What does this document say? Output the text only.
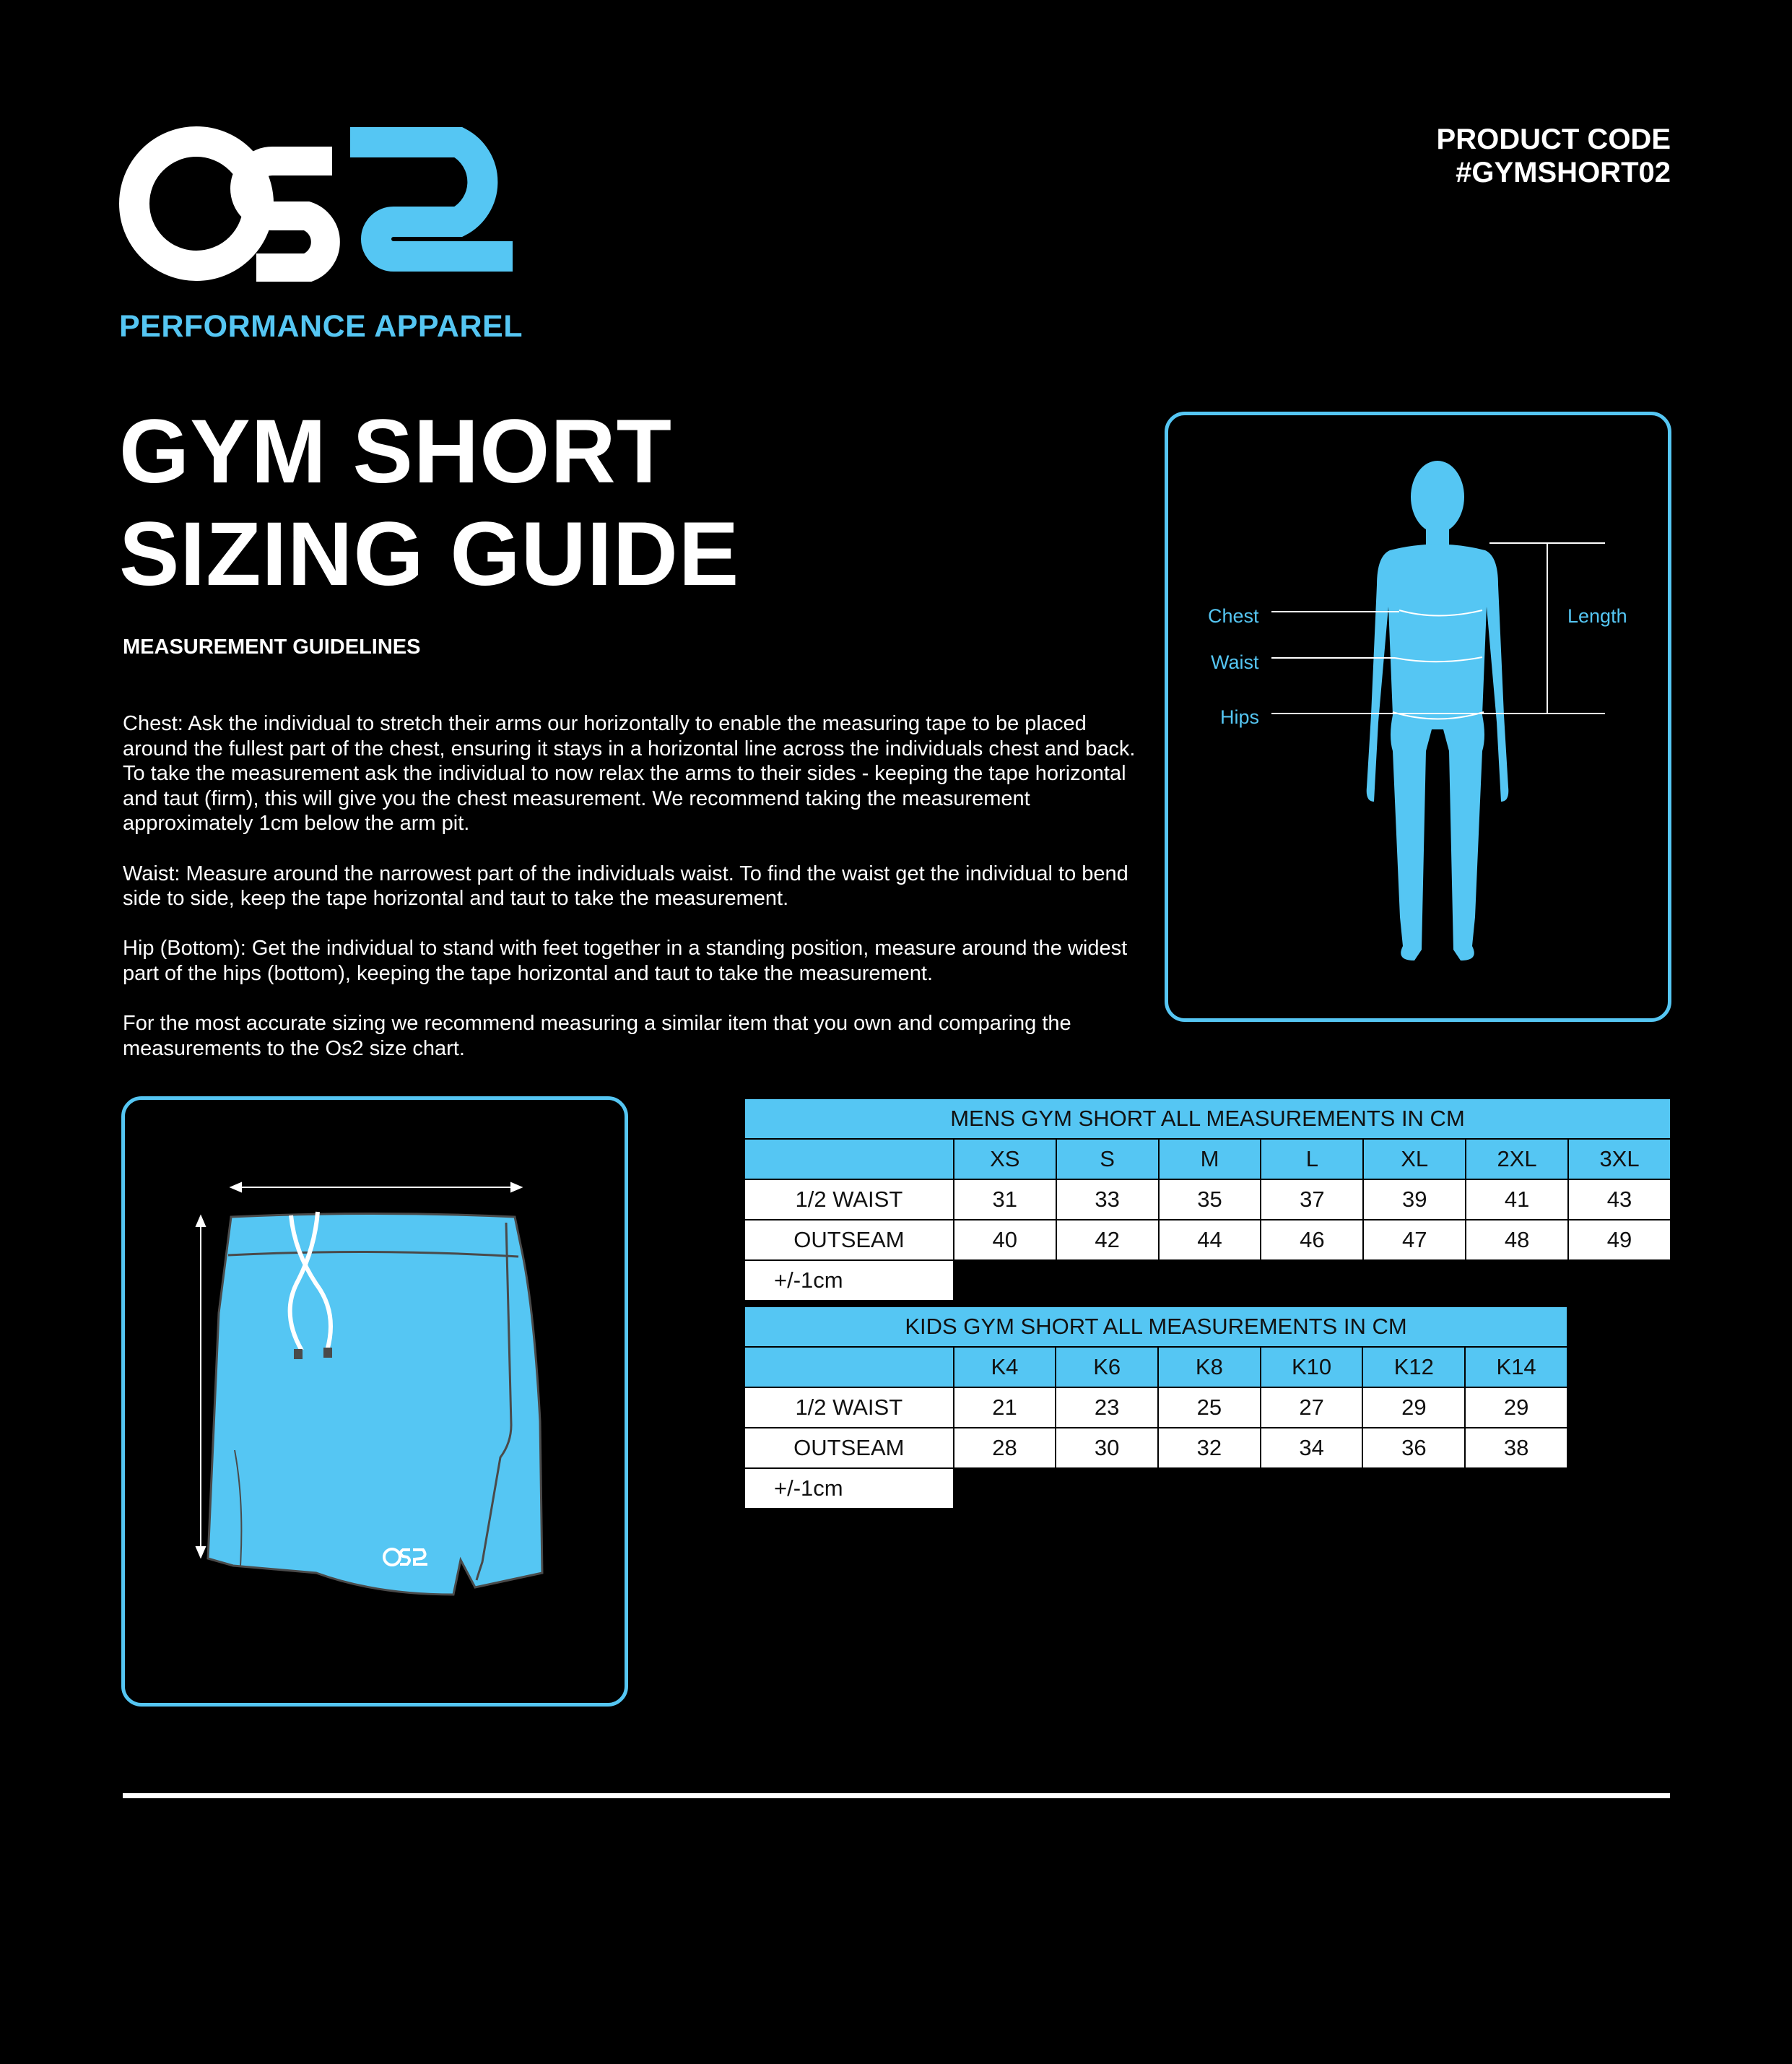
PERFORMANCE APPAREL
PRODUCT CODE
#GYMSHORT02
GYM SHORT
SIZING GUIDE
MEASUREMENT GUIDELINES

Chest: Ask the individual to stretch their arms our horizontally to enable the measuring tape to be placed around the fullest part of the chest, ensuring it stays in a horizontal line across the individuals chest and back. To take the measurement ask the individual to now relax the arms to their sides - keeping the tape horizontal and taut (firm), this will give you the chest measurement. We recommend taking the measurement approximately 1cm below the arm pit.

Waist: Measure around the narrowest part of the individuals waist. To find the waist get the individual to bend side to side, keep the tape horizontal and taut to take the measurement.

Hip (Bottom): Get the individual to stand with feet together in a standing position, measure around the widest part of the hips (bottom), keeping the tape horizontal and taut to take the measurement.

For the most accurate sizing we recommend measuring a similar item that you own and comparing the measurements to the Os2 size chart.

Chest
Waist
Hips
Length
MENS GYM SHORT ALL MEASUREMENTS IN CM							
	XS	S	M	L	XL	2XL	3XL
1/2 WAIST	31	33	35	37	39	41	43
OUTSEAM	40	42	44	46	47	48	49
+/-1cm							
KIDS GYM SHORT ALL MEASUREMENTS IN CM						
	K4	K6	K8	K10	K12	K14
1/2 WAIST	21	23	25	27	29	29
OUTSEAM	28	30	32	34	36	38
+/-1cm						
